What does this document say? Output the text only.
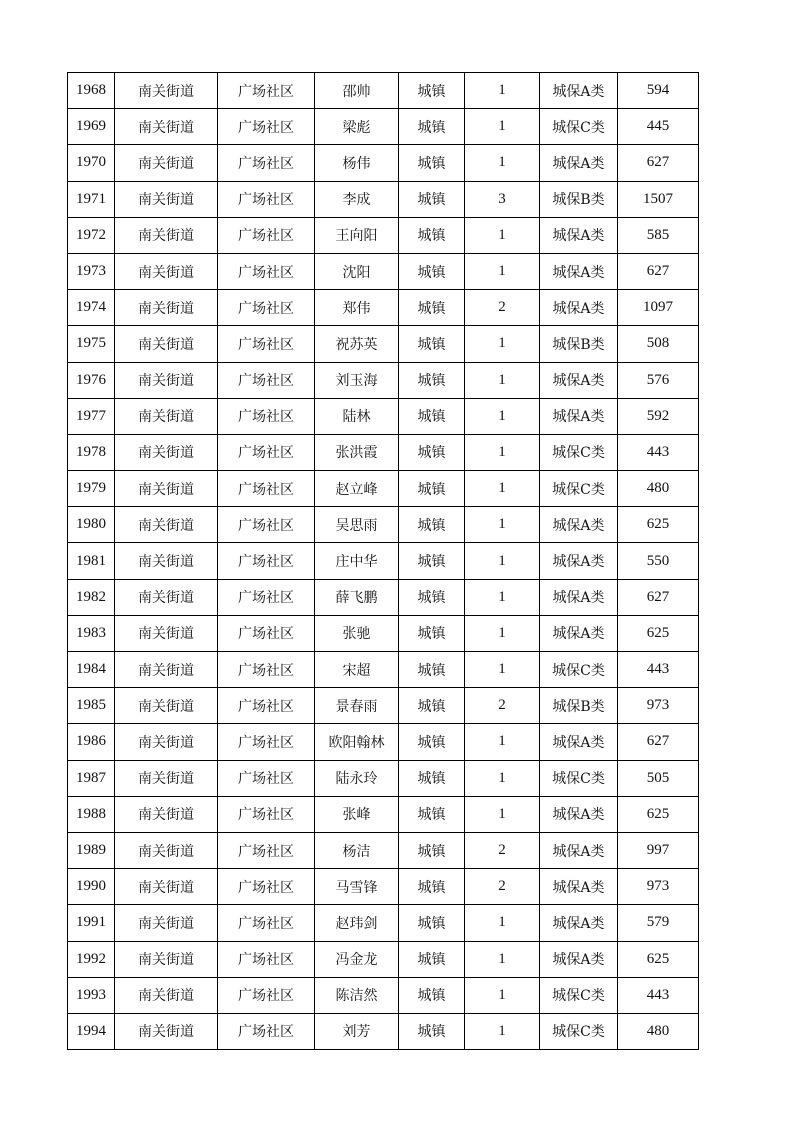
1968	南关街道	广场社区	邵帅	城镇	1	城保A类	594
1969	南关街道	广场社区	梁彪	城镇	1	城保C类	445
1970	南关街道	广场社区	杨伟	城镇	1	城保A类	627
1971	南关街道	广场社区	李成	城镇	3	城保B类	1507
1972	南关街道	广场社区	王向阳	城镇	1	城保A类	585
1973	南关街道	广场社区	沈阳	城镇	1	城保A类	627
1974	南关街道	广场社区	郑伟	城镇	2	城保A类	1097
1975	南关街道	广场社区	祝苏英	城镇	1	城保B类	508
1976	南关街道	广场社区	刘玉海	城镇	1	城保A类	576
1977	南关街道	广场社区	陆林	城镇	1	城保A类	592
1978	南关街道	广场社区	张洪霞	城镇	1	城保C类	443
1979	南关街道	广场社区	赵立峰	城镇	1	城保C类	480
1980	南关街道	广场社区	吴思雨	城镇	1	城保A类	625
1981	南关街道	广场社区	庄中华	城镇	1	城保A类	550
1982	南关街道	广场社区	薛飞鹏	城镇	1	城保A类	627
1983	南关街道	广场社区	张驰	城镇	1	城保A类	625
1984	南关街道	广场社区	宋超	城镇	1	城保C类	443
1985	南关街道	广场社区	景春雨	城镇	2	城保B类	973
1986	南关街道	广场社区	欧阳翰林	城镇	1	城保A类	627
1987	南关街道	广场社区	陆永玲	城镇	1	城保C类	505
1988	南关街道	广场社区	张峰	城镇	1	城保A类	625
1989	南关街道	广场社区	杨洁	城镇	2	城保A类	997
1990	南关街道	广场社区	马雪锋	城镇	2	城保A类	973
1991	南关街道	广场社区	赵玮剑	城镇	1	城保A类	579
1992	南关街道	广场社区	冯金龙	城镇	1	城保A类	625
1993	南关街道	广场社区	陈洁然	城镇	1	城保C类	443
1994	南关街道	广场社区	刘芳	城镇	1	城保C类	480
